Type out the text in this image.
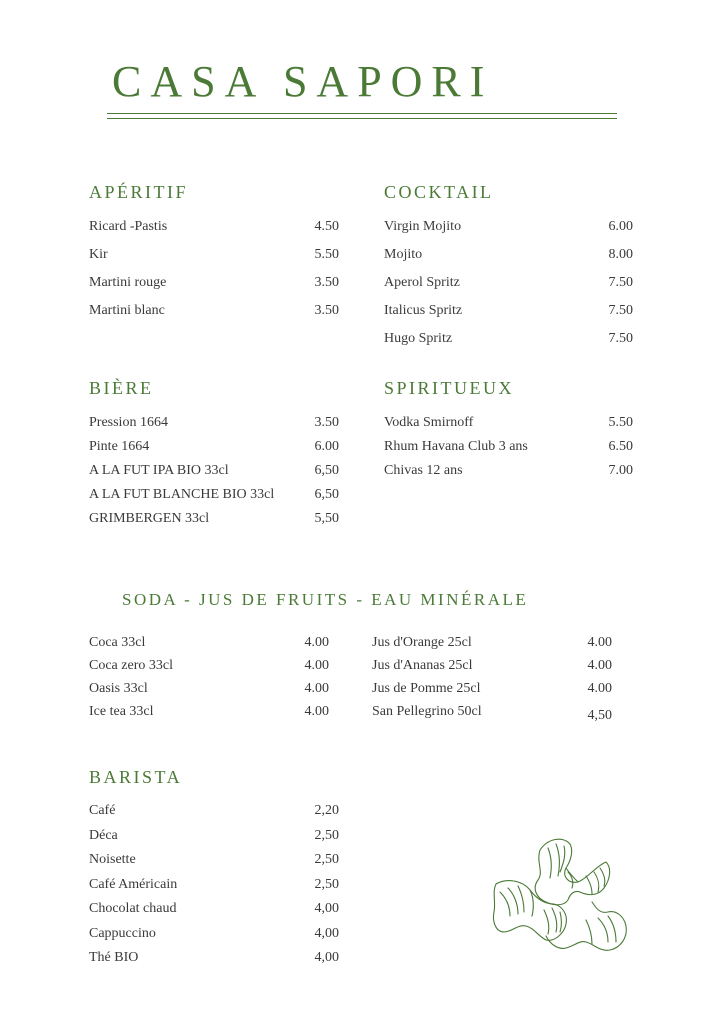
CASA SAPORI
APÉRITIF
Ricard -Pastis	4.50
Kir	5.50
Martini rouge	3.50
Martini blanc	3.50
COCKTAIL
Virgin Mojito	6.00
Mojito	8.00
Aperol Spritz	7.50
Italicus Spritz	7.50
Hugo Spritz	7.50
BIÈRE
Pression 1664	3.50
Pinte 1664	6.00
A LA FUT IPA BIO 33cl	6,50
A LA FUT BLANCHE BIO 33cl	6,50
GRIMBERGEN 33cl	5,50
SPIRITUEUX
Vodka Smirnoff	5.50
Rhum Havana Club 3 ans	6.50
Chivas 12 ans	7.00
SODA - JUS DE FRUITS - EAU MINÉRALE
Coca 33cl	4.00
Coca zero 33cl	4.00
Oasis 33cl	4.00
Ice tea 33cl	4.00
Jus d'Orange 25cl	4.00
Jus d'Ananas 25cl	4.00
Jus de Pomme 25cl	4.00
San Pellegrino 50cl	4,50
BARISTA
Café	2,20
Déca	2,50
Noisette	2,50
Café Américain	2,50
Chocolat chaud	4,00
Cappuccino	4,00
Thé BIO	4,00
